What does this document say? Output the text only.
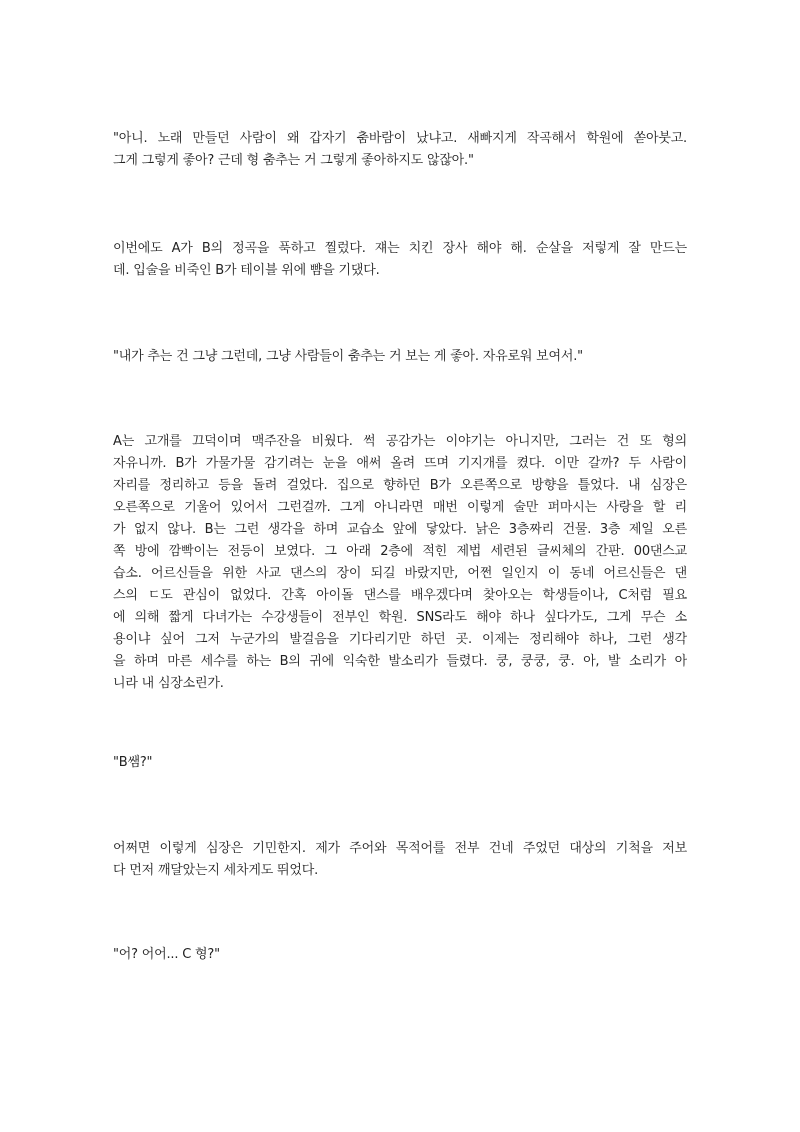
"아니. 노래 만들던 사람이 왜 갑자기 춤바람이 났냐고. 새빠지게 작곡해서 학원에 쏟아붓고.
그게 그렇게 좋아? 근데 형 춤추는 거 그렇게 좋아하지도 않잖아."

이번에도 A가 B의 정곡을 푹하고 찔렀다. 쟤는 치킨 장사 해야 해. 순살을 저렇게 잘 만드는
데. 입술을 비죽인 B가 테이블 위에 뺨을 기댔다.

"내가 추는 건 그냥 그런데, 그냥 사람들이 춤추는 거 보는 게 좋아. 자유로워 보여서."

A는 고개를 끄덕이며 맥주잔을 비웠다. 썩 공감가는 이야기는 아니지만, 그러는 건 또 형의
자유니까. B가 가물가물 감기려는 눈을 애써 올려 뜨며 기지개를 켰다. 이만 갈까? 두 사람이
자리를 정리하고 등을 돌려 걸었다. 집으로 향하던 B가 오른쪽으로 방향을 틀었다. 내 심장은
오른쪽으로 기울어 있어서 그런걸까. 그게 아니라면 매번 이렇게 술만 퍼마시는 사랑을 할 리
가 없지 않나. B는 그런 생각을 하며 교습소 앞에 닿았다. 낡은 3층짜리 건물. 3층 제일 오른
쪽 방에 깜빡이는 전등이 보였다. 그 아래 2층에 적힌 제법 세련된 글씨체의 간판. 00댄스교
습소. 어르신들을 위한 사교 댄스의 장이 되길 바랐지만, 어쩐 일인지 이 동네 어르신들은 댄
스의 ㄷ도 관심이 없었다. 간혹 아이돌 댄스를 배우겠다며 찾아오는 학생들이나, C처럼 필요
에 의해 짧게 다녀가는 수강생들이 전부인 학원. SNS라도 해야 하나 싶다가도, 그게 무슨 소
용이냐 싶어 그저 누군가의 발걸음을 기다리기만 하던 곳. 이제는 정리해야 하나, 그런 생각
을 하며 마른 세수를 하는 B의 귀에 익숙한 발소리가 들렸다. 쿵, 쿵쿵, 쿵. 아, 발 소리가 아
니라 내 심장소린가.

"B쌤?"

어쩌면 이렇게 심장은 기민한지. 제가 주어와 목적어를 전부 건네 주었던 대상의 기척을 저보
다 먼저 깨달았는지 세차게도 뛰었다.

"어? 어어... C 형?"
